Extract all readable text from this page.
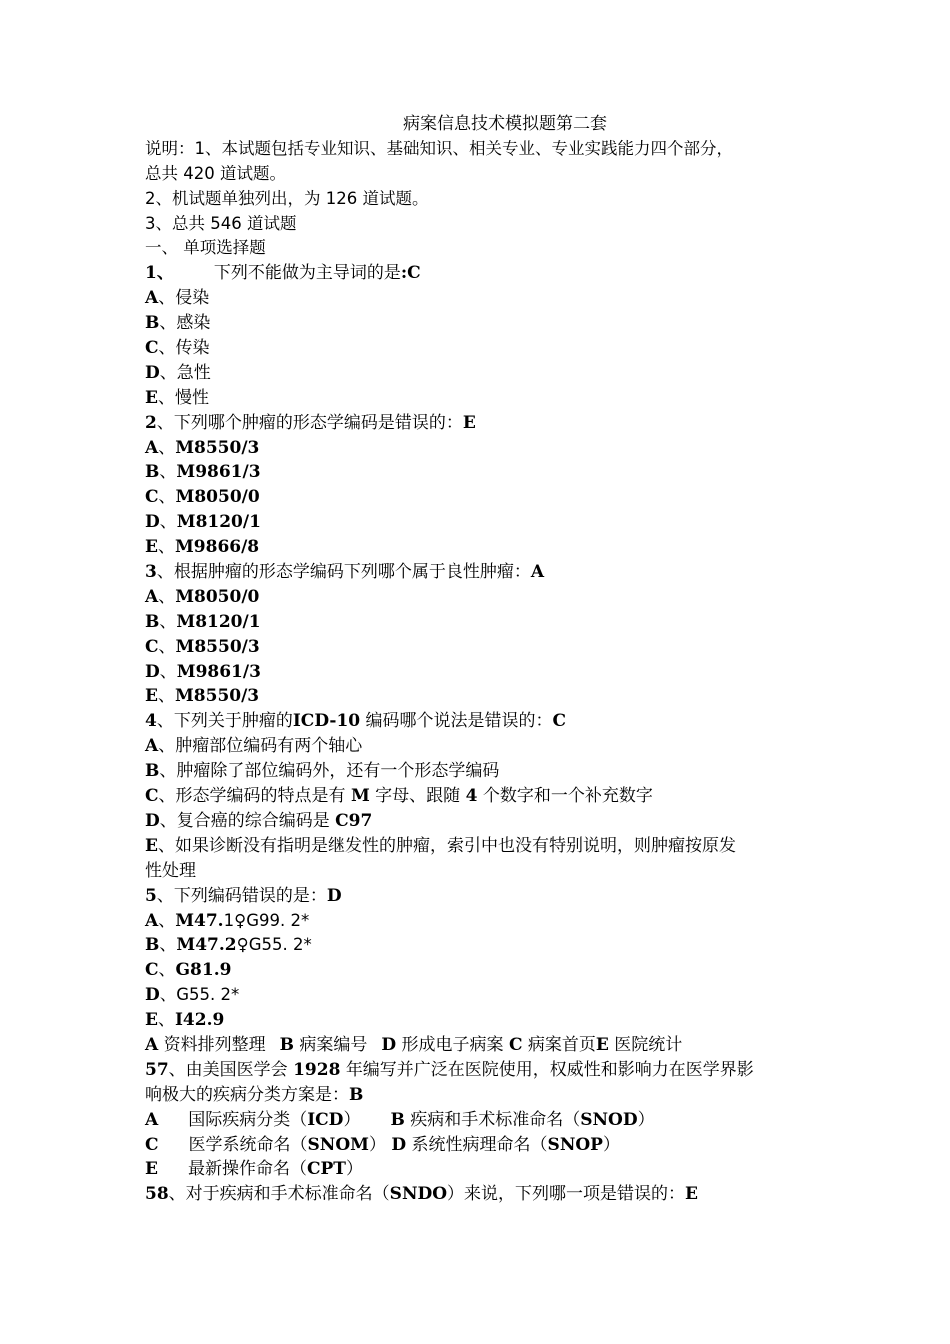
病案信息技术模拟题第二套
说明：1、本试题包括专业知识、基础知识、相关专业、专业实践能力四个部分，
总共 420 道试题。
2、机试题单独列出，为 126 道试题。
3、总共 546 道试题
一、 单项选择题
1、 下列不能做为主导词的是:C
A、侵染
B、感染
C、传染
D、急性
E、慢性
2、下列哪个肿瘤的形态学编码是错误的：E
A、M8550/3
B、M9861/3
C、M8050/0
D、M8120/1
E、M9866/8
3、根据肿瘤的形态学编码下列哪个属于良性肿瘤：A
A、M8050/0
B、M8120/1
C、M8550/3
D、M9861/3
E、M8550/3
4、下列关于肿瘤的ICD-10 编码哪个说法是错误的：C
A、肿瘤部位编码有两个轴心
B、肿瘤除了部位编码外，还有一个形态学编码
C、形态学编码的特点是有 M 字母、跟随 4 个数字和一个补充数字
D、复合癌的综合编码是 C97
E、如果诊断没有指明是继发性的肿瘤，索引中也没有特别说明，则肿瘤按原发
性处理
5、下列编码错误的是：D
A、M47.1♀G99. 2*
B、M47.2♀G55. 2*
C、G81.9
D、G55. 2*
E、I42.9
A 资料排列整理 B 病案编号 D 形成电子病案 C 病案首页E 医院统计
57、由美国医学会 1928 年编写并广泛在医院使用，权威性和影响力在医学界影
响极大的疾病分类方案是：B
A 国际疾病分类（ICD） B 疾病和手术标准命名（SNOD）
C 医学系统命名（SNOM） D 系统性病理命名（SNOP）
E 最新操作命名（CPT）
58、对于疾病和手术标准命名（SNDO）来说，下列哪一项是错误的：E
